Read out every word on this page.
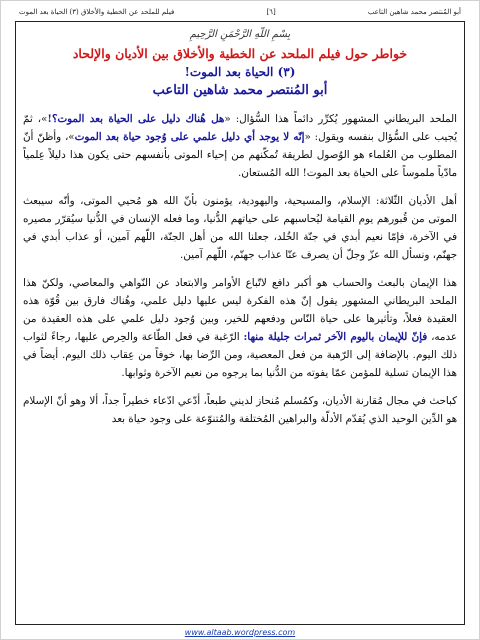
أبو المُنتصر محمد شاهين التاعب
[٦]
فيلم للملحد عن الخطية والأخلاق (٣) الحياة بعد الموت
بِسْمِ اللَّهِ الرَّحْمَنِ الرَّحِيمِ
خواطر حول فيلم الملحد عن الخطية والأخلاق بين الأديان والإلحاد
(٣) الحياة بعد الموت!
أبو المُنتصر محمد شاهين التاعب

الملحد البريطاني المشهور يُكرِّر دائماً هذا السُّؤال: «هل هُناك دليل على الحياة بعد الموت؟!»، ثمّ يُجيب على السُّؤال بنفسه ويقول: «إنّه لا يوجد أي دليل علمي على وُجود حياة بعد الموت»، وأظنّ أنّ المطلوب من العُلماء هو الوُصول لطريقة تُمكّنهم من إحياء الموتى بأنفسهم حتى يكون هذا دليلاً عِلمياً مادّياً ملموساً على الحياة بعد الموت! الله المُستعان.

أهل الأديان الثّلاثة: الإسلام، والمسيحية، واليهودية، يؤمنون بأنّ الله هو مُحيي الموتى، وأنّه سيبعث الموتى من قُبورهم يوم القيامة ليُحاسبهم على حياتهم الدُّنيا، وما فعله الإنسان في الدُّنيا سيُقرّر مصيره في الآخرة، فإمّا نعيم أبدي في جنّة الخُلد، جعلنا الله من أهل الجنّة، اللّهم آمين، أو عذاب أبدي في جهنّم، ونسأل الله عزّ وجلّ أن يصرف عنّا عذاب جهنّم، اللّهم آمين.

هذا الإيمان بالبعث والحساب هو أكبر دافع لاتّباع الأوامر والابتعاد عن النّواهي والمعاصي، ولكنّ هذا الملحد البريطاني المشهور يقول إنّ هذه الفكرة ليس عليها دليل علمي، وهُناك فارق بين قُوّة هذه العقيدة فعلاً، وتأثيرها على حياة النّاس ودفعهم للخير، وبين وُجود دليل علمي على هذه العقيدة من عدمه، فإنّ للإيمان باليوم الآخر ثمرات جليلة منها: الرّغبة في فعل الطّاعة والحِرص عليها، رجاءً لثواب ذلك اليوم. بالإضافة إلى الرّهبة من فعل المعصية، ومن الرِّضا بها، خوفاً من عِقاب ذلك اليوم. أيضاً في هذا الإيمان تسلية للمؤمن عمّا يفوته من الدُّنيا بما يرجوه من نعيم الآخرة وثوابها.

كباحث في مجال مُقارنة الأديان، وكمُسلم مُنحاز لديني طبعاً، أدّعي ادّعاء خطيراً جداً، ألا وهو أنّ الإسلام هو الدِّين الوحيد الذي يُقدّم الأدلّة والبراهين المُختلفة والمُتنوّعة على وجود حياة بعد

www.altaab.wordpress.com
